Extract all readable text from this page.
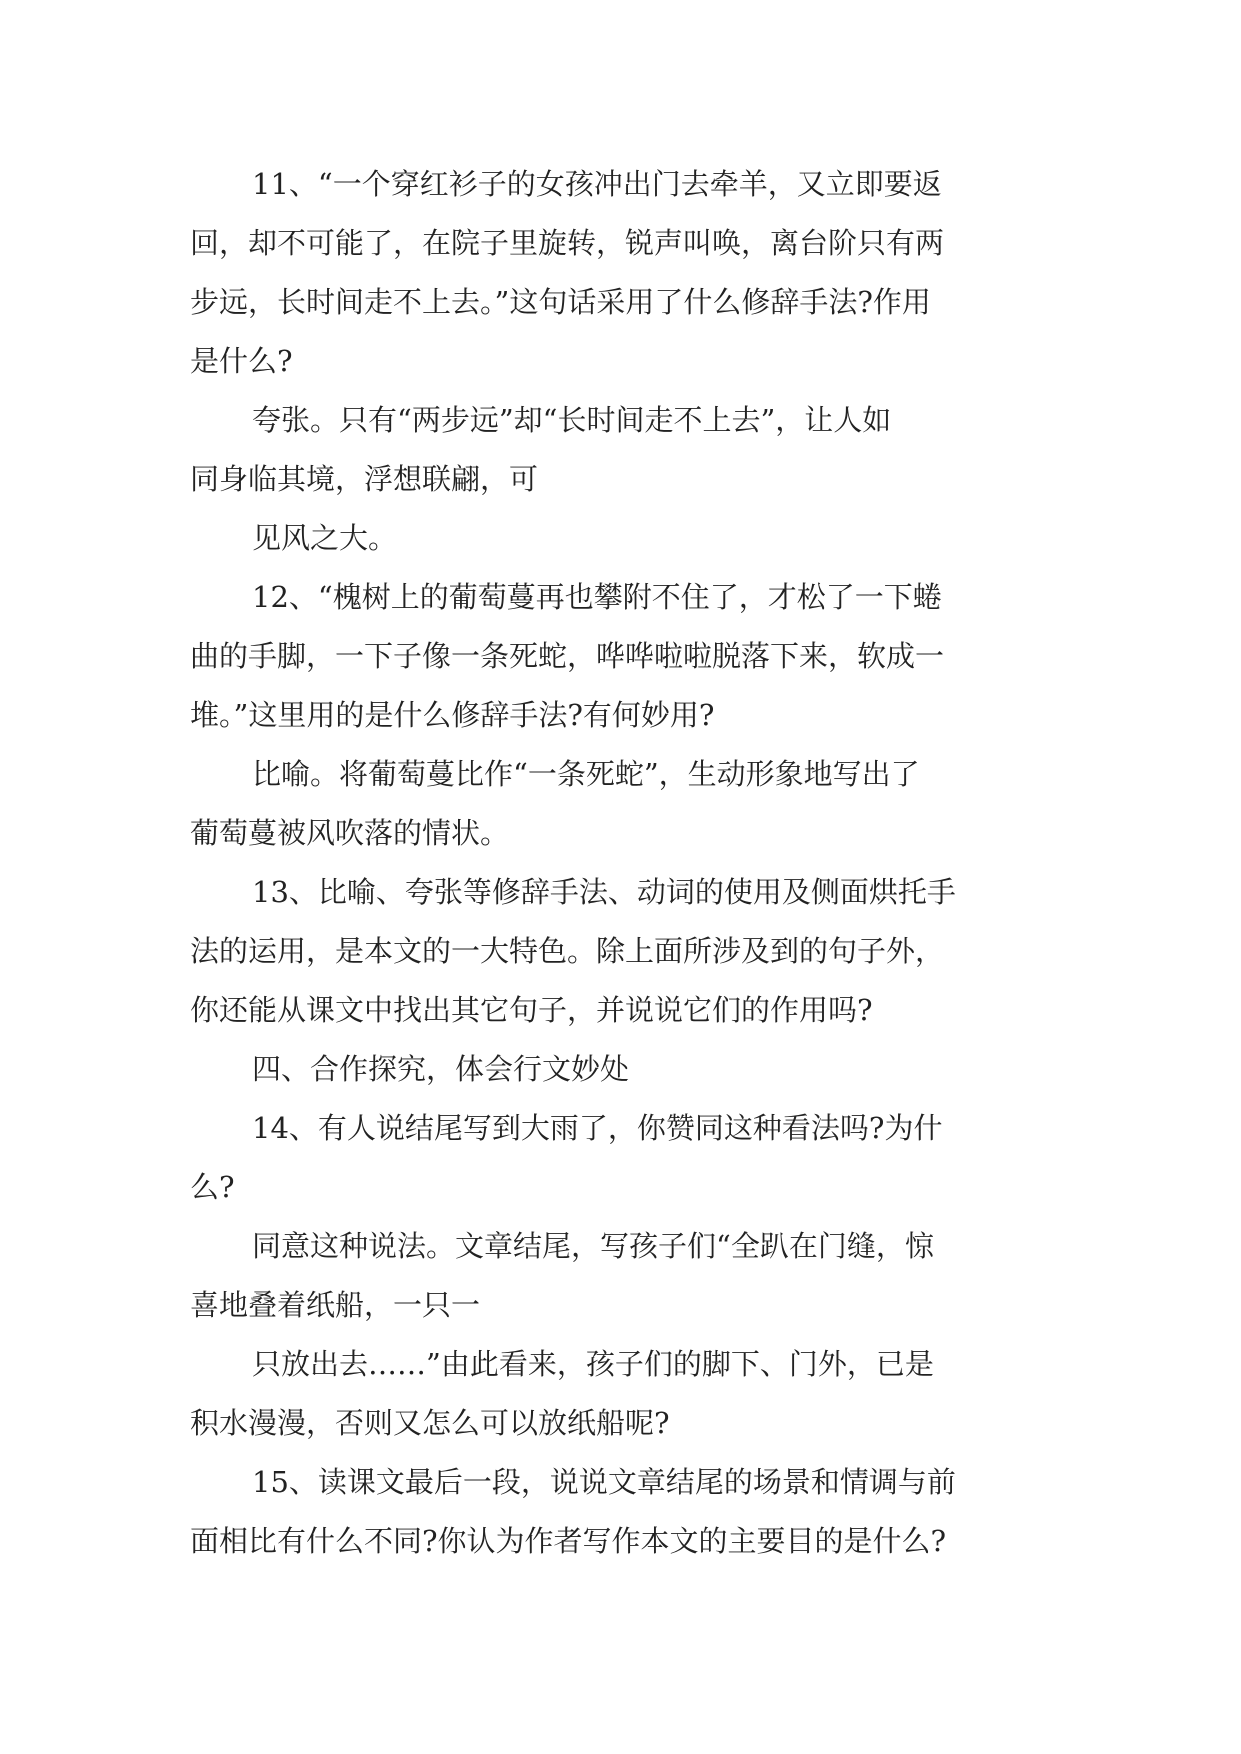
11、“一个穿红衫子的女孩冲出门去牵羊，又立即要返
回，却不可能了，在院子里旋转，锐声叫唤，离台阶只有两
步远，长时间走不上去。”这句话采用了什么修辞手法?作用
是什么?
夸张。只有“两步远”却“长时间走不上去”，让人如
同身临其境，浮想联翩，可
见风之大。
12、“槐树上的葡萄蔓再也攀附不住了，才松了一下蜷
曲的手脚，一下子像一条死蛇，哗哗啦啦脱落下来，软成一
堆。”这里用的是什么修辞手法?有何妙用?
比喻。将葡萄蔓比作“一条死蛇”，生动形象地写出了
葡萄蔓被风吹落的情状。
13、比喻、夸张等修辞手法、动词的使用及侧面烘托手
法的运用，是本文的一大特色。除上面所涉及到的句子外，
你还能从课文中找出其它句子，并说说它们的作用吗?
四、合作探究，体会行文妙处
14、有人说结尾写到大雨了，你赞同这种看法吗?为什
么?
同意这种说法。文章结尾，写孩子们“全趴在门缝，惊
喜地叠着纸船，一只一
只放出去……”由此看来，孩子们的脚下、门外，已是
积水漫漫，否则又怎么可以放纸船呢?
15、读课文最后一段，说说文章结尾的场景和情调与前
面相比有什么不同?你认为作者写作本文的主要目的是什么?
